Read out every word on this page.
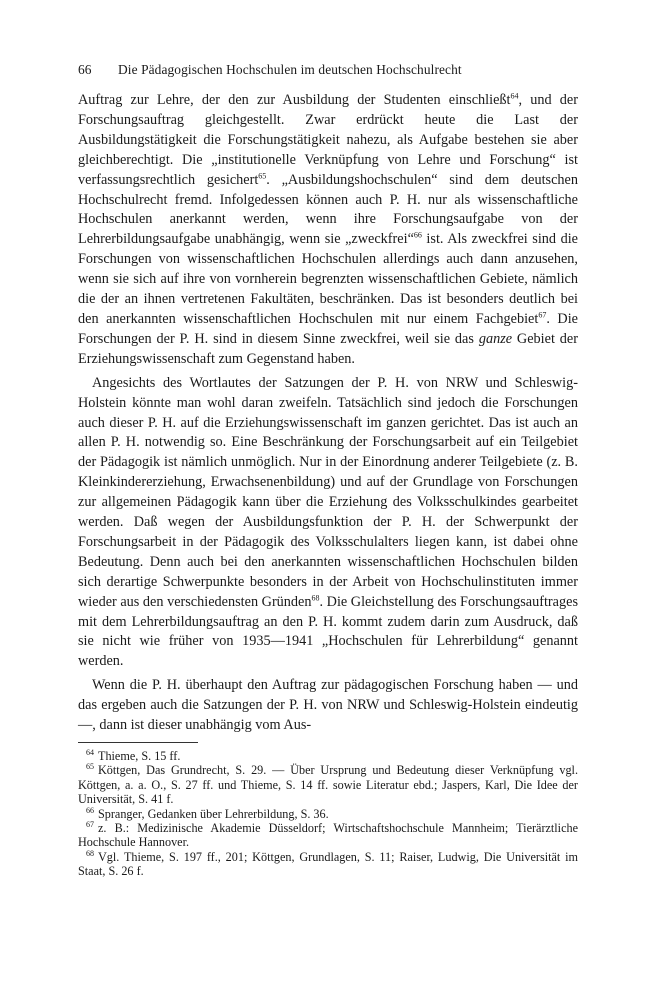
66	Die Pädagogischen Hochschulen im deutschen Hochschulrecht

Auftrag zur Lehre, der den zur Ausbildung der Studenten einschließt$^{64}$, und der Forschungsauftrag gleichgestellt. Zwar erdrückt heute die Last der Ausbildungstätigkeit die Forschungstätigkeit nahezu, als Aufgabe bestehen sie aber gleichberechtigt. Die „institutionelle Verknüpfung von Lehre und Forschung“ ist verfassungsrechtlich gesichert$^{65}$. „Ausbildungshochschulen“ sind dem deutschen Hochschulrecht fremd. Infolgedessen können auch P. H. nur als wissenschaftliche Hochschulen anerkannt werden, wenn ihre Forschungsaufgabe von der Lehrerbildungsaufgabe unabhängig, wenn sie „zweckfrei“$^{66}$ ist. Als zweckfrei sind die Forschungen von wissenschaftlichen Hochschulen allerdings auch dann anzusehen, wenn sie sich auf ihre von vornherein begrenzten wissenschaftlichen Gebiete, nämlich die der an ihnen vertretenen Fakultäten, beschränken. Das ist besonders deutlich bei den anerkannten wissenschaftlichen Hochschulen mit nur einem Fachgebiet$^{67}$. Die Forschungen der P. H. sind in diesem Sinne zweckfrei, weil sie das ganze Gebiet der Erziehungswissenschaft zum Gegenstand haben.

Angesichts des Wortlautes der Satzungen der P. H. von NRW und Schleswig-Holstein könnte man wohl daran zweifeln. Tatsächlich sind jedoch die Forschungen auch dieser P. H. auf die Erziehungswissenschaft im ganzen gerichtet. Das ist auch an allen P. H. notwendig so. Eine Beschränkung der Forschungsarbeit auf ein Teilgebiet der Pädagogik ist nämlich unmöglich. Nur in der Einordnung anderer Teilgebiete (z. B. Kleinkindererziehung, Erwachsenenbildung) und auf der Grundlage von Forschungen zur allgemeinen Pädagogik kann über die Erziehung des Volksschulkindes gearbeitet werden. Daß wegen der Ausbildungsfunktion der P. H. der Schwerpunkt der Forschungsarbeit in der Pädagogik des Volksschulalters liegen kann, ist dabei ohne Bedeutung. Denn auch bei den anerkannten wissenschaftlichen Hochschulen bilden sich derartige Schwerpunkte besonders in der Arbeit von Hochschulinstituten immer wieder aus den verschiedensten Gründen$^{68}$. Die Gleichstellung des Forschungsauftrages mit dem Lehrerbildungsauftrag an den P. H. kommt zudem darin zum Ausdruck, daß sie nicht wie früher von 1935—1941 „Hochschulen für Lehrerbildung“ genannt werden.

Wenn die P. H. überhaupt den Auftrag zur pädagogischen Forschung haben — und das ergeben auch die Satzungen der P. H. von NRW und Schleswig-Holstein eindeutig —, dann ist dieser unabhängig vom Aus-

$^{64}$ Thieme, S. 15 ff.

$^{65}$ Köttgen, Das Grundrecht, S. 29. — Über Ursprung und Bedeutung dieser Verknüpfung vgl. Köttgen, a. a. O., S. 27 ff. und Thieme, S. 14 ff. sowie Literatur ebd.; Jaspers, Karl, Die Idee der Universität, S. 41 f.

$^{66}$ Spranger, Gedanken über Lehrerbildung, S. 36.

$^{67}$ z. B.: Medizinische Akademie Düsseldorf; Wirtschaftshochschule Mannheim; Tierärztliche Hochschule Hannover.

$^{68}$ Vgl. Thieme, S. 197 ff., 201; Köttgen, Grundlagen, S. 11; Raiser, Ludwig, Die Universität im Staat, S. 26 f.
